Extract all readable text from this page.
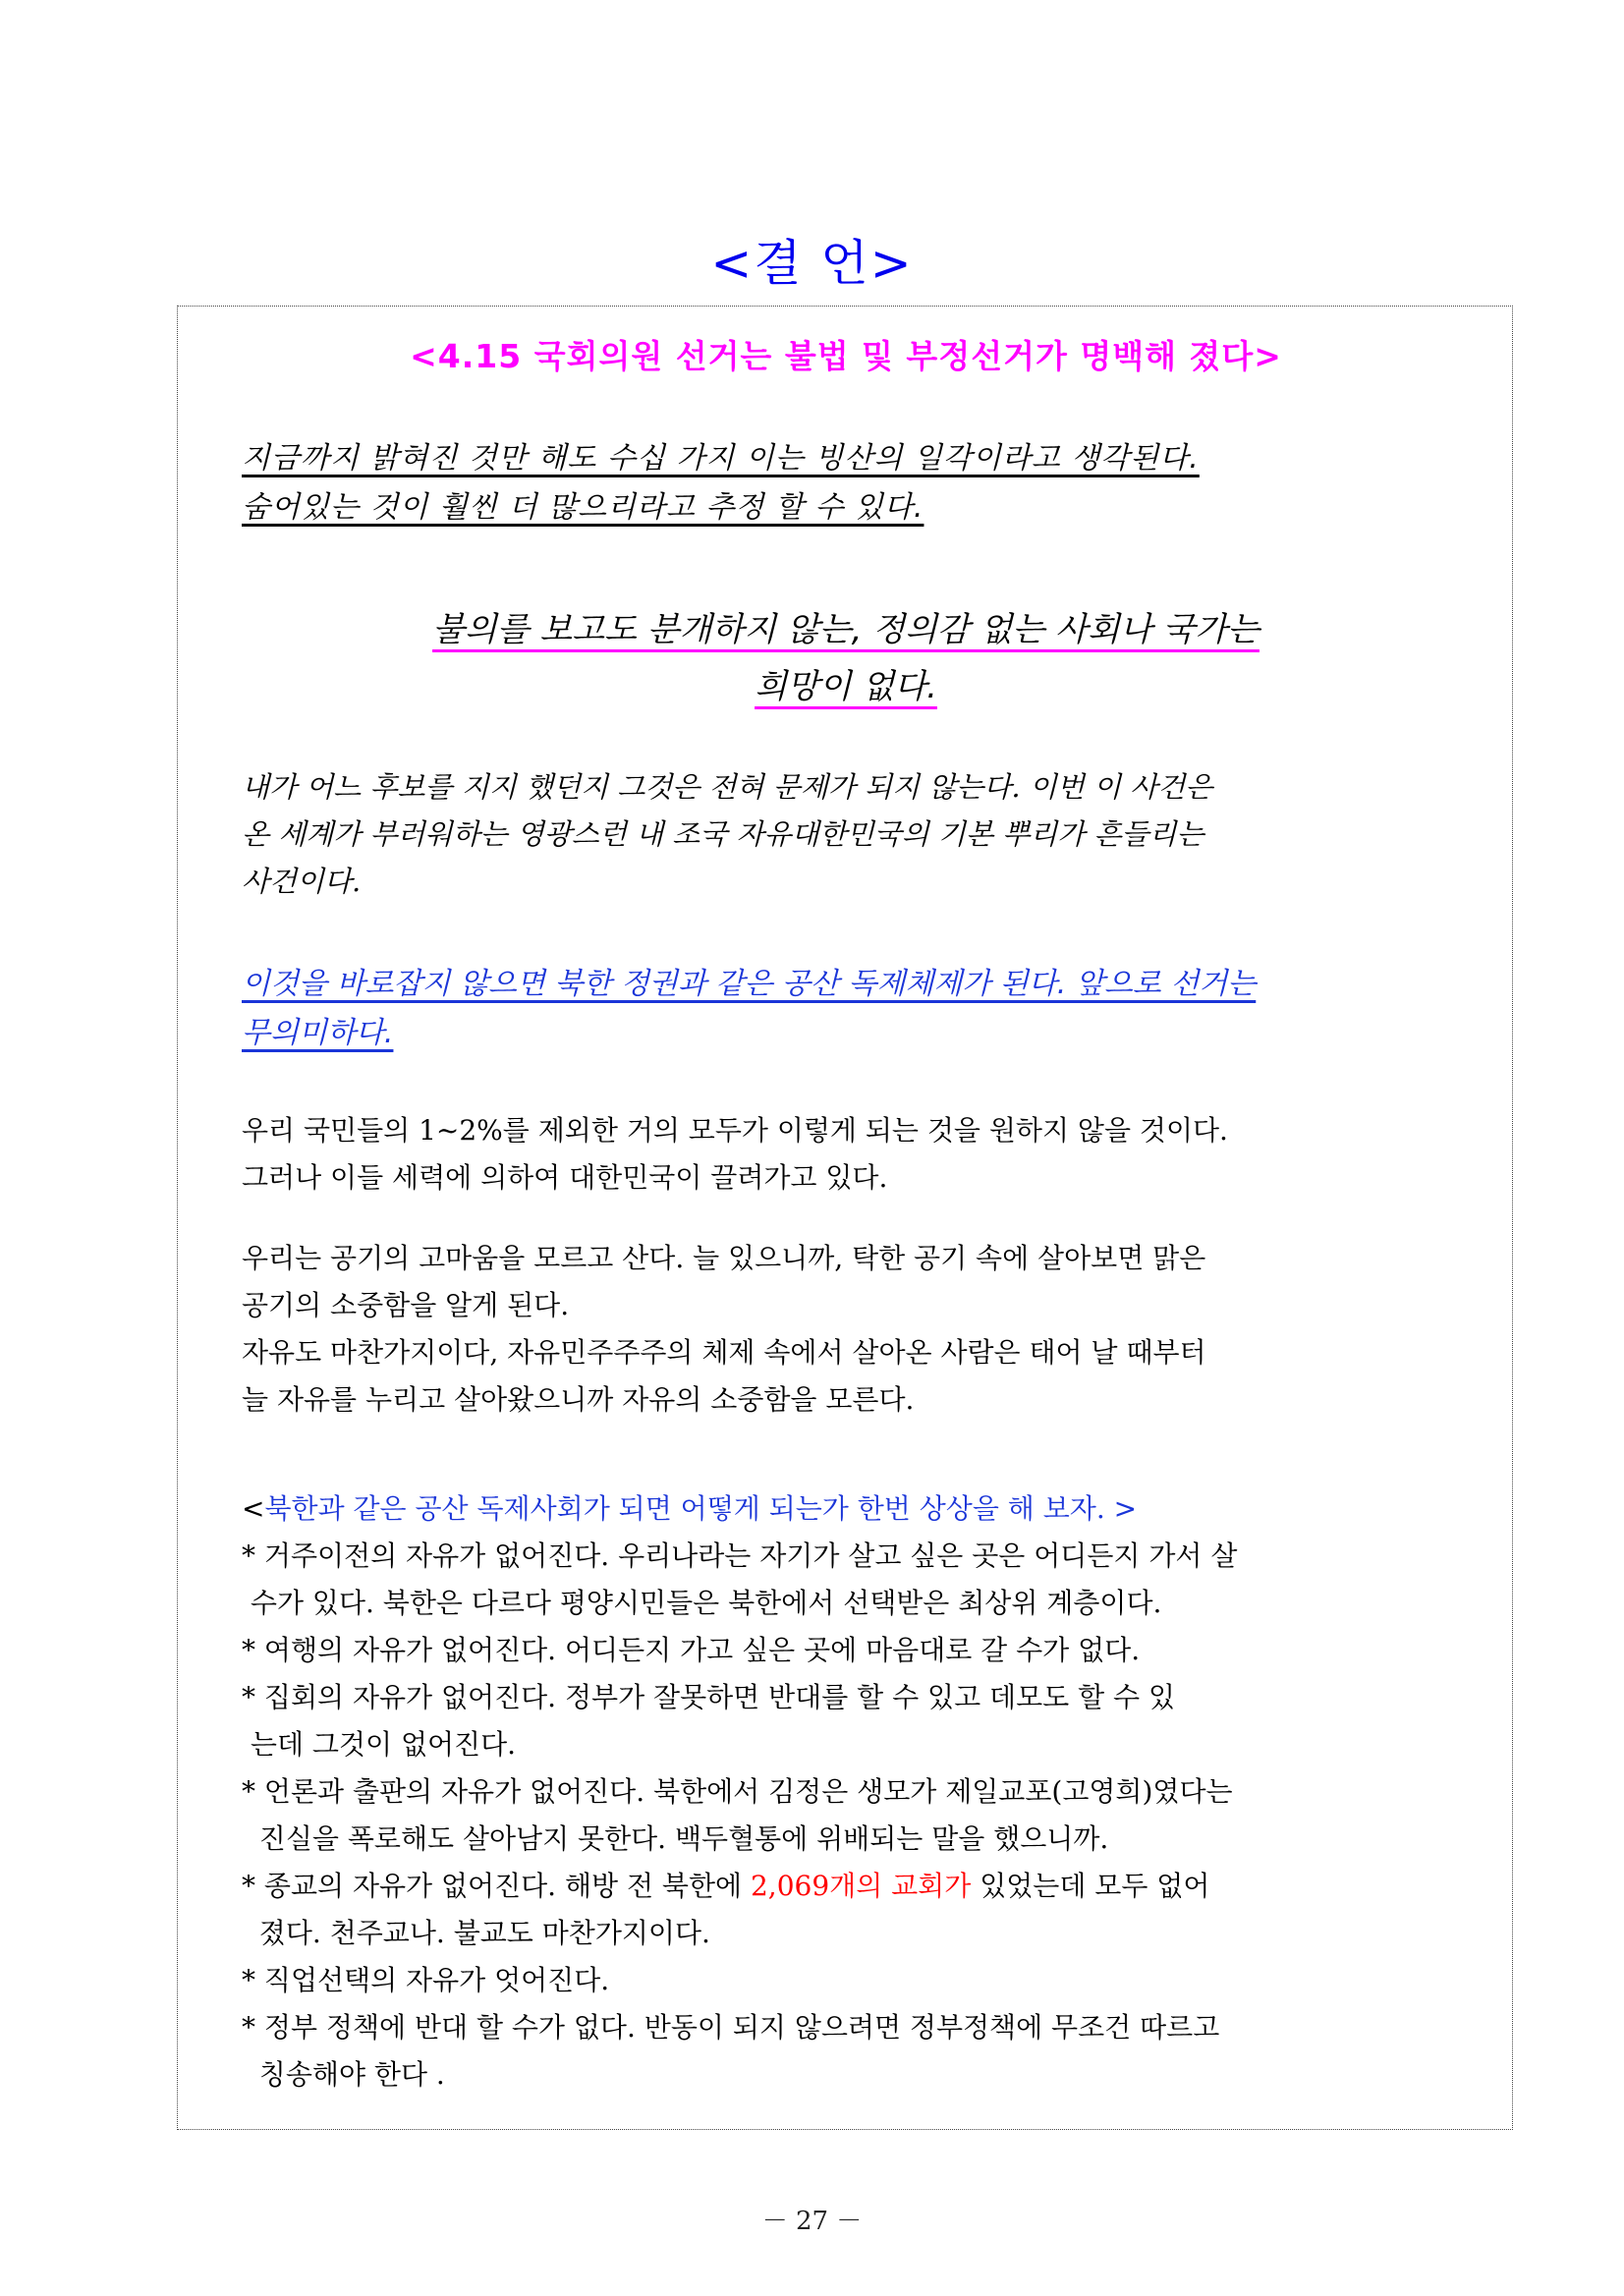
<결 언>
<4.15 국회의원 선거는 불법 및 부정선거가 명백해 졌다>
지금까지 밝혀진 것만 해도 수십 가지 이는 빙산의 일각이라고 생각된다.
숨어있는 것이 훨씬 더 많으리라고 추정 할 수 있다.
불의를 보고도 분개하지 않는, 정의감 없는 사회나 국가는
희망이 없다.
내가 어느 후보를 지지 했던지 그것은 전혀 문제가 되지 않는다. 이번 이 사건은
온 세계가 부러워하는 영광스런 내 조국 자유대한민국의 기본 뿌리가 흔들리는
사건이다.
이것을 바로잡지 않으면 북한 정권과 같은 공산 독제체제가 된다. 앞으로 선거는
무의미하다.
우리 국민들의 1~2%를 제외한 거의 모두가 이렇게 되는 것을 원하지 않을 것이다.
그러나 이들 세력에 의하여 대한민국이 끌려가고 있다.
우리는 공기의 고마움을 모르고 산다. 늘 있으니까, 탁한 공기 속에 살아보면 맑은
공기의 소중함을 알게 된다.
자유도 마찬가지이다, 자유민주주주의 체제 속에서 살아온 사람은 태어 날 때부터
늘 자유를 누리고 살아왔으니까 자유의 소중함을 모른다.
<북한과 같은 공산 독제사회가 되면 어떻게 되는가 한번 상상을 해 보자. >
* 거주이전의 자유가 없어진다. 우리나라는 자기가 살고 싶은 곳은 어디든지 가서 살
수가 있다. 북한은 다르다 평양시민들은 북한에서 선택받은 최상위 계층이다.
* 여행의 자유가 없어진다. 어디든지 가고 싶은 곳에 마음대로 갈 수가 없다.
* 집회의 자유가 없어진다. 정부가 잘못하면 반대를 할 수 있고 데모도 할 수 있
는데 그것이 없어진다.
* 언론과 출판의 자유가 없어진다. 북한에서 김정은 생모가 제일교포(고영희)였다는
진실을 폭로해도 살아남지 못한다. 백두혈통에 위배되는 말을 했으니까.
* 종교의 자유가 없어진다. 해방 전 북한에 2,069개의 교회가 있었는데 모두 없어
졌다. 천주교나. 불교도 마찬가지이다.
* 직업선택의 자유가 엇어진다.
* 정부 정책에 반대 할 수가 없다. 반동이 되지 않으려면 정부정책에 무조건 따르고
칭송해야 한다 .
－ 27 －
